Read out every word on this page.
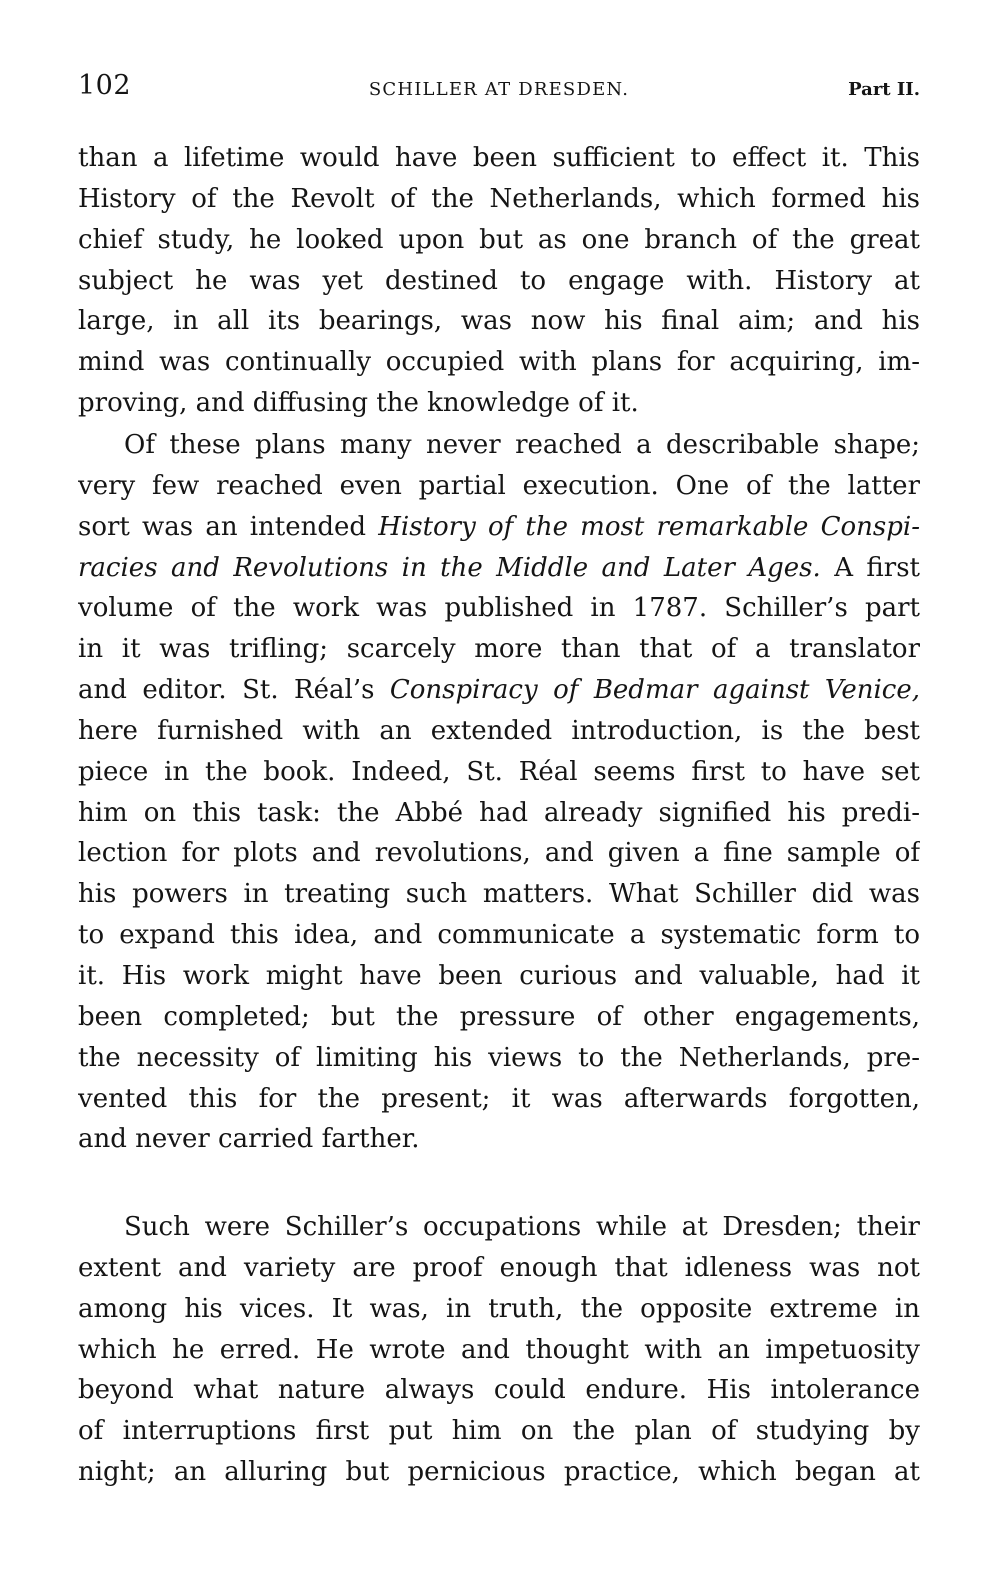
102	SCHILLER AT DRESDEN.	Part II.
than a lifetime would have been sufficient to effect it. This
History of the Revolt of the Netherlands, which formed his
chief study, he looked upon but as one branch of the great
subject he was yet destined to engage with. History at
large, in all its bearings, was now his final aim; and his
mind was continually occupied with plans for acquiring, im-
proving, and diffusing the knowledge of it.
Of these plans many never reached a describable shape;
very few reached even partial execution. One of the latter
sort was an intended History of the most remarkable Conspi-
racies and Revolutions in the Middle and Later Ages. A first
volume of the work was published in 1787. Schiller’s part
in it was trifling; scarcely more than that of a translator
and editor. St. Réal’s Conspiracy of Bedmar against Venice,
here furnished with an extended introduction, is the best
piece in the book. Indeed, St. Réal seems first to have set
him on this task: the Abbé had already signified his predi-
lection for plots and revolutions, and given a fine sample of
his powers in treating such matters. What Schiller did was
to expand this idea, and communicate a systematic form to
it. His work might have been curious and valuable, had it
been completed; but the pressure of other engagements,
the necessity of limiting his views to the Netherlands, pre-
vented this for the present; it was afterwards forgotten,
and never carried farther.
Such were Schiller’s occupations while at Dresden; their
extent and variety are proof enough that idleness was not
among his vices. It was, in truth, the opposite extreme in
which he erred. He wrote and thought with an impetuosity
beyond what nature always could endure. His intolerance
of interruptions first put him on the plan of studying by
night; an alluring but pernicious practice, which began at
